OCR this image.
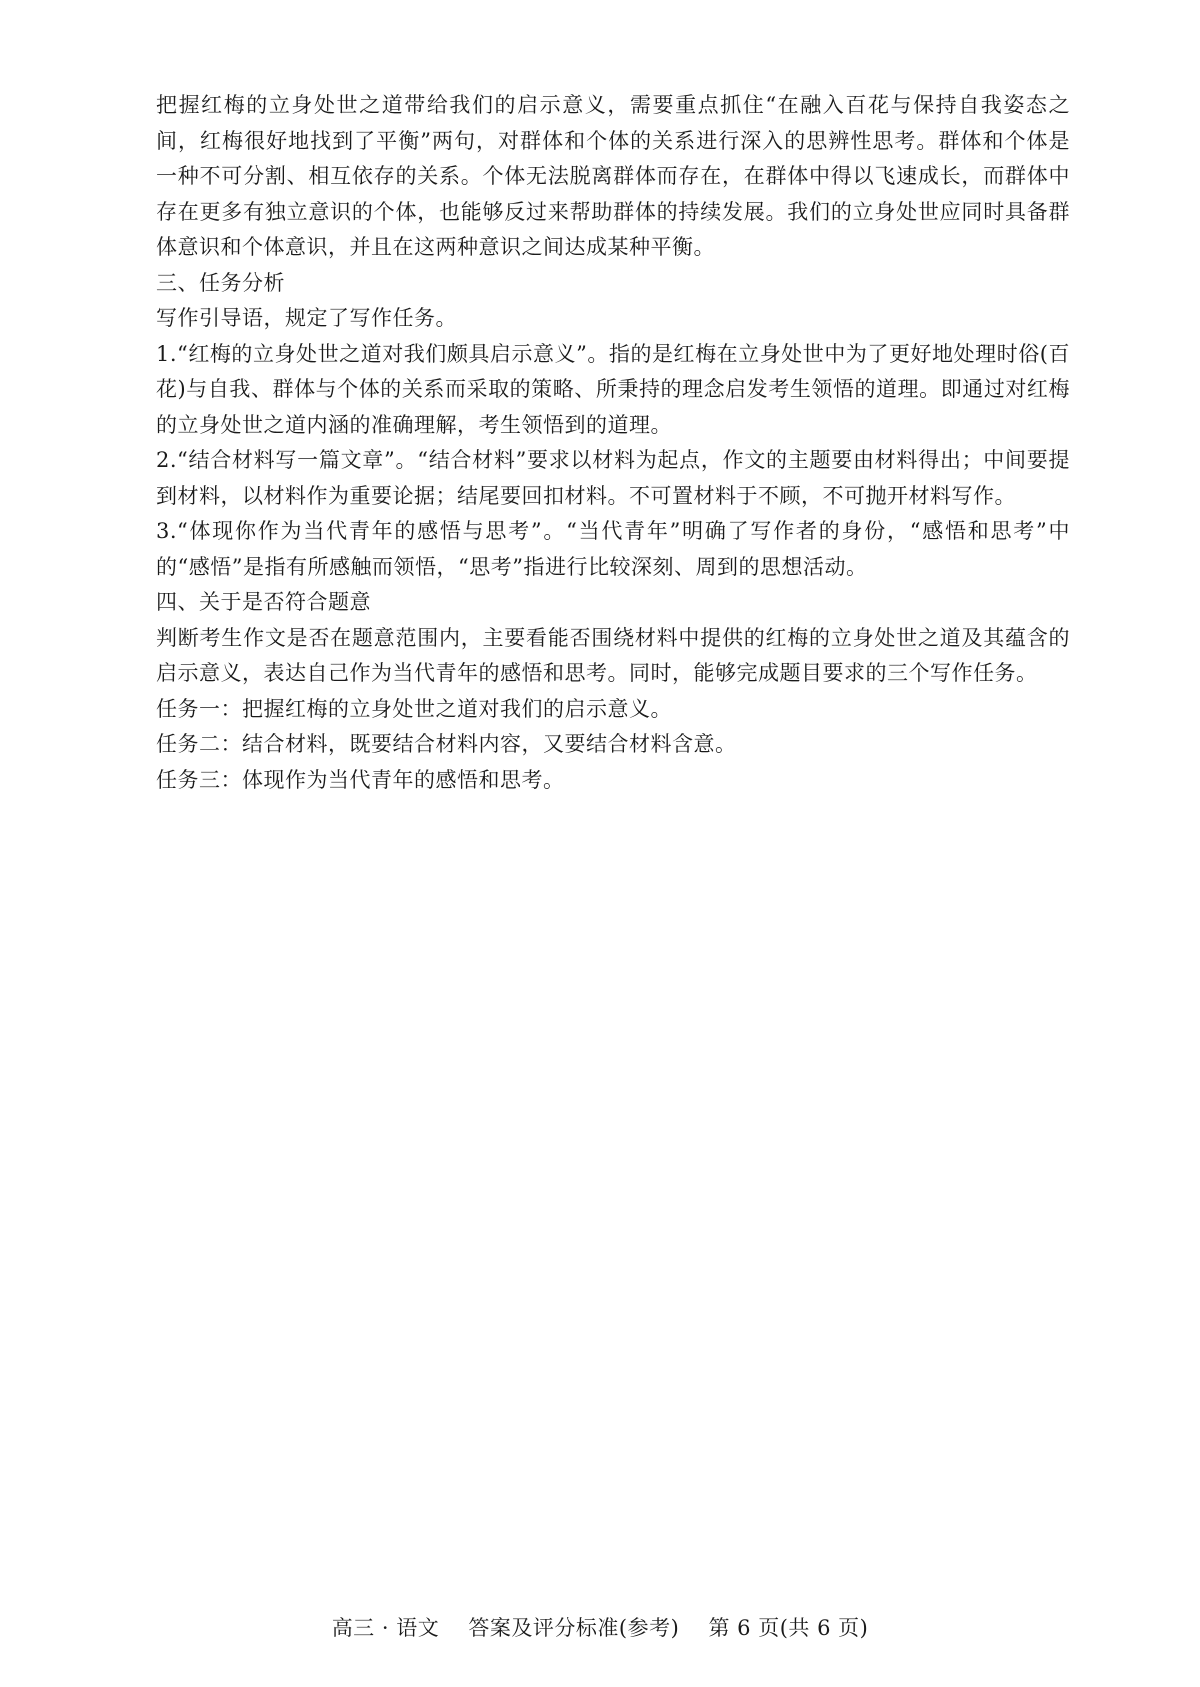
把握红梅的立身处世之道带给我们的启示意义，需要重点抓住“在融入百花与保持自我姿态之间，红梅很好地找到了平衡”两句，对群体和个体的关系进行深入的思辨性思考。群体和个体是一种不可分割、相互依存的关系。个体无法脱离群体而存在，在群体中得以飞速成长，而群体中存在更多有独立意识的个体，也能够反过来帮助群体的持续发展。我们的立身处世应同时具备群体意识和个体意识，并且在这两种意识之间达成某种平衡。

三、任务分析

写作引导语，规定了写作任务。

1.“红梅的立身处世之道对我们颇具启示意义”。指的是红梅在立身处世中为了更好地处理时俗(百花)与自我、群体与个体的关系而采取的策略、所秉持的理念启发考生领悟的道理。即通过对红梅的立身处世之道内涵的准确理解，考生领悟到的道理。

2.“结合材料写一篇文章”。“结合材料”要求以材料为起点，作文的主题要由材料得出；中间要提到材料，以材料作为重要论据；结尾要回扣材料。不可置材料于不顾，不可抛开材料写作。

3.“体现你作为当代青年的感悟与思考”。“当代青年”明确了写作者的身份，“感悟和思考”中的“感悟”是指有所感触而领悟，“思考”指进行比较深刻、周到的思想活动。

四、关于是否符合题意

判断考生作文是否在题意范围内，主要看能否围绕材料中提供的红梅的立身处世之道及其蕴含的启示意义，表达自己作为当代青年的感悟和思考。同时，能够完成题目要求的三个写作任务。

任务一：把握红梅的立身处世之道对我们的启示意义。

任务二：结合材料，既要结合材料内容，又要结合材料含意。

任务三：体现作为当代青年的感悟和思考。

高三 · 语文 答案及评分标准(参考) 第 6 页(共 6 页)
